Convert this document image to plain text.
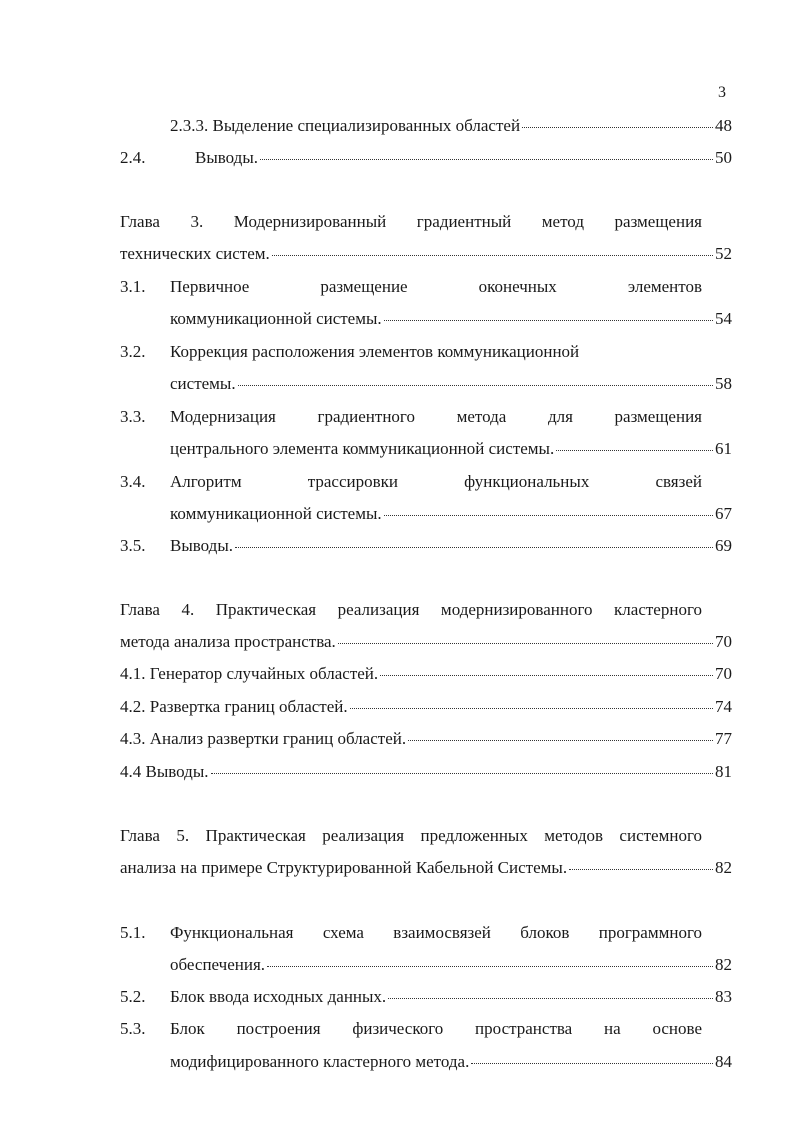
3
2.3.3. Выделение специализированных областей	48
2.4.	Выводы.	50
Глава 3. Модернизированный градиентный метод размещения
технических систем.	52
3.1. Первичное размещение оконечных элементов
коммуникационной системы.	54
3.2. Коррекция расположения элементов коммуникационной
системы.	58
3.3. Модернизация градиентного метода для размещения
центрального элемента коммуникационной системы.	61
3.4. Алгоритм трассировки функциональных связей
коммуникационной системы.	67
3.5. Выводы.	69
Глава 4. Практическая реализация модернизированного кластерного
метода анализа пространства.	70
4.1. Генератор случайных областей.	70
4.2. Развертка границ областей.	74
4.3. Анализ развертки границ областей.	77
4.4 Выводы.	81
Глава 5. Практическая реализация предложенных методов системного
анализа на примере Структурированной Кабельной Системы.	82
5.1. Функциональная схема взаимосвязей блоков программного
обеспечения.	82
5.2. Блок ввода исходных данных.	83
5.3. Блок построения физического пространства на основе
модифицированного кластерного метода.	84
